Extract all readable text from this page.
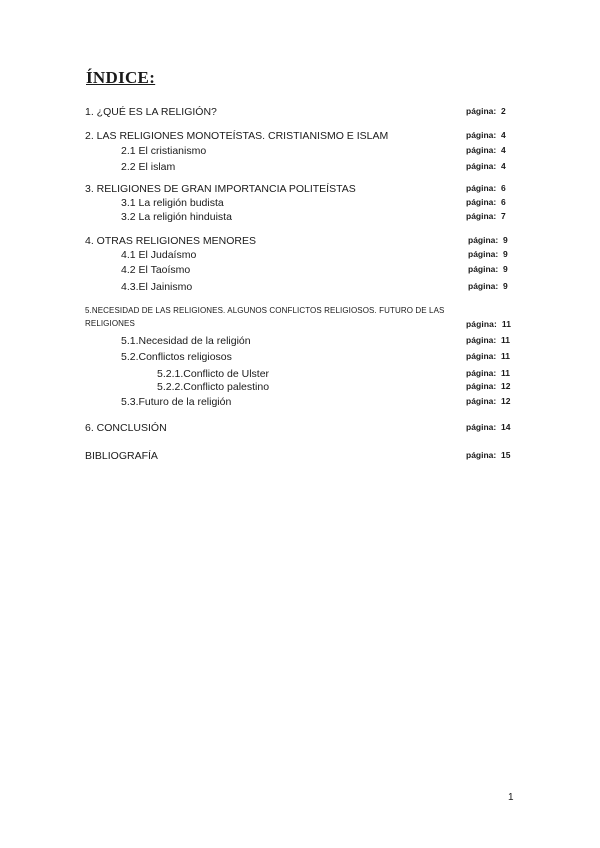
ÍNDICE:
1. ¿QUÉ ES LA RELIGIÓN?	página: 2
2. LAS RELIGIONES MONOTEÍSTAS. CRISTIANISMO E ISLAM	página: 4
2.1 El cristianismo	página: 4
2.2 El islam	página: 4
3. RELIGIONES DE GRAN IMPORTANCIA POLITEÍSTAS	página: 6
3.1 La religión budista	página: 6
3.2 La religión hinduista	página: 7
4. OTRAS RELIGIONES MENORES	página: 9
4.1 El Judaísmo	página: 9
4.2 El Taoísmo	página: 9
4.3.El Jainismo	página: 9
5.NECESIDAD DE LAS RELIGIONES. ALGUNOS CONFLICTOS RELIGIOSOS. FUTURO DE LAS
RELIGIONES	página: 11
5.1.Necesidad de la religión	página: 11
5.2.Conflictos religiosos	página: 11
5.2.1.Conflicto de Ulster	página: 11
5.2.2.Conflicto palestino	página: 12
5.3.Futuro de la religión	página: 12
6. CONCLUSIÓN	página: 14
BIBLIOGRAFÍA	página: 15
1
